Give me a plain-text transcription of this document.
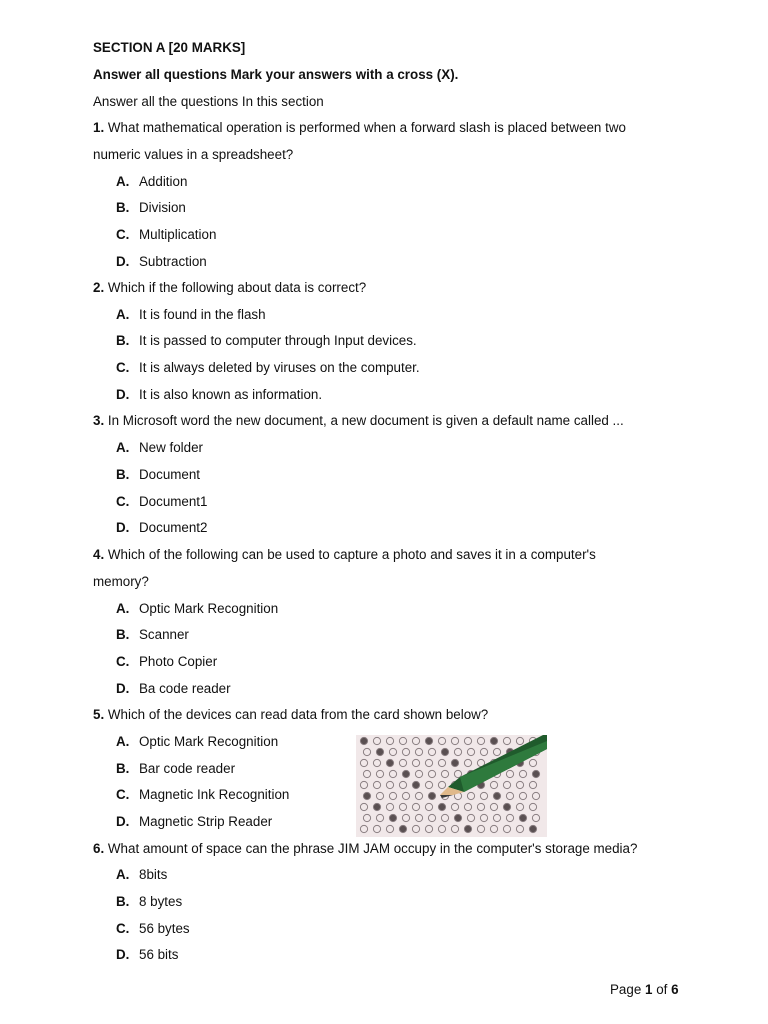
SECTION A [20 MARKS]
Answer all questions Mark your answers with a cross (X).
Answer all the questions In this section
1. What mathematical operation is performed when a forward slash is placed between two
numeric values in a spreadsheet?
A. Addition
B. Division
C. Multiplication
D. Subtraction
2. Which if the following about data is correct?
A. It is found in the flash
B. It is passed to computer through Input devices.
C. It is always deleted by viruses on the computer.
D. It is also known as information.
3. In Microsoft word the new document, a new document is given a default name called ...
A. New folder
B. Document
C. Document1
D. Document2
4. Which of the following can be used to capture a photo and saves it in a computer's
memory?
A. Optic Mark Recognition
B. Scanner
C. Photo Copier
D. Ba code reader
5. Which of the devices can read data from the card shown below?
A. Optic Mark Recognition
B. Bar code reader
C. Magnetic Ink Recognition
D. Magnetic Strip Reader
6. What amount of space can the phrase JIM JAM occupy in the computer's storage media?
A. 8bits
B. 8 bytes
C. 56 bytes
D. 56 bits
Page 1 of 6
